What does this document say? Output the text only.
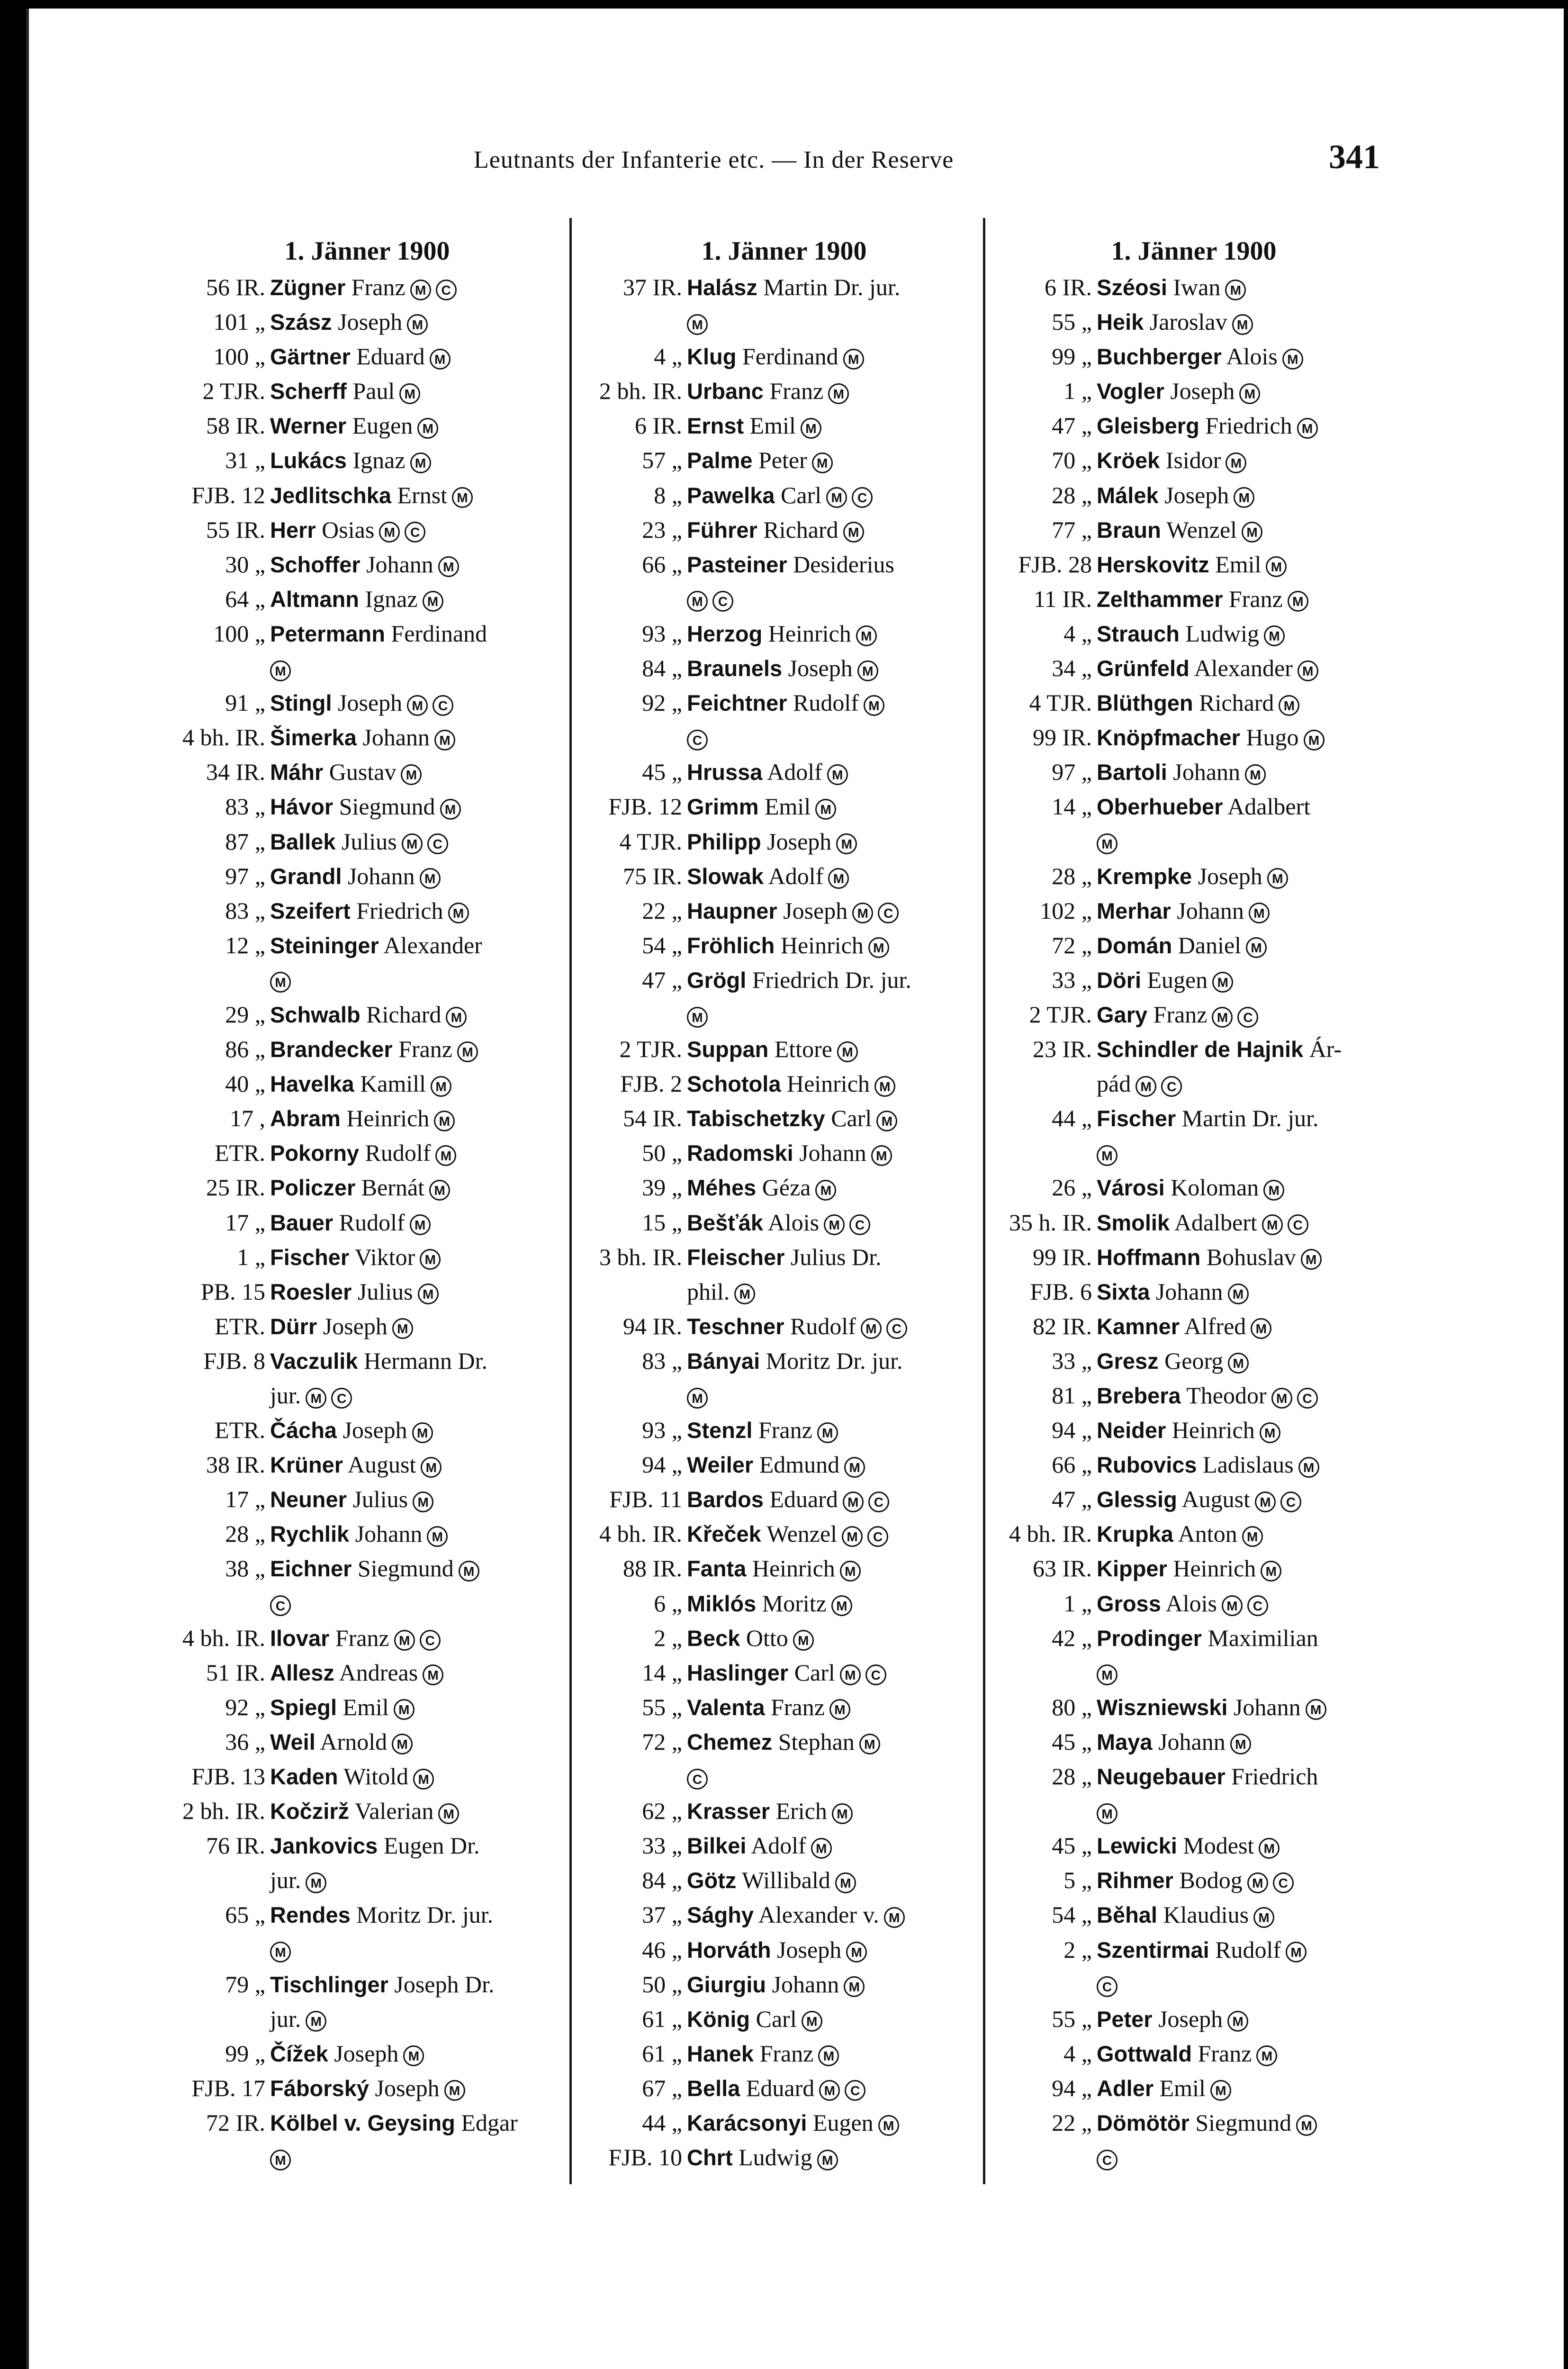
Leutnants der Infanterie etc. — In der Reserve	341
1. Jänner 1900
56 IR. Zügner Franz M C
101 „ Szász Joseph M
100 „ Gärtner Eduard M
2 TJR. Scherff Paul M
58 IR. Werner Eugen M
31 „ Lukács Ignaz M
FJB. 12 Jedlitschka Ernst M
55 IR. Herr Osias M C
30 „ Schoffer Johann M
64 „ Altmann Ignaz M
100 „ Petermann Ferdinand
M
91 „ Stingl Joseph M C
4 bh. IR. Šimerka Johann M
34 IR. Máhr Gustav M
83 „ Hávor Siegmund M
87 „ Ballek Julius M C
97 „ Grandl Johann M
83 „ Szeifert Friedrich M
12 „ Steininger Alexander
M
29 „ Schwalb Richard M
86 „ Brandecker Franz M
40 „ Havelka Kamill M
17 , Abram Heinrich M
ETR. Pokorny Rudolf M
25 IR. Policzer Bernát M
17 „ Bauer Rudolf M
1 „ Fischer Viktor M
PB. 15 Roesler Julius M
ETR. Dürr Joseph M
FJB. 8 Vaczulik Hermann Dr.
jur. M C
ETR. Čácha Joseph M
38 IR. Krüner August M
17 „ Neuner Julius M
28 „ Rychlik Johann M
38 „ Eichner Siegmund M
C
4 bh. IR. Ilovar Franz M C
51 IR. Allesz Andreas M
92 „ Spiegl Emil M
36 „ Weil Arnold M
FJB. 13 Kaden Witold M
2 bh. IR. Kočzirž Valerian M
76 IR. Jankovics Eugen Dr.
jur. M
65 „ Rendes Moritz Dr. jur.
M
79 „ Tischlinger Joseph Dr.
jur. M
99 „ Čížek Joseph M
FJB. 17 Fáborský Joseph M
72 IR. Kölbel v. Geysing Edgar
M
1. Jänner 1900
37 IR. Halász Martin Dr. jur.
M
4 „ Klug Ferdinand M
2 bh. IR. Urbanc Franz M
6 IR. Ernst Emil M
57 „ Palme Peter M
8 „ Pawelka Carl M C
23 „ Führer Richard M
66 „ Pasteiner Desiderius
M C
93 „ Herzog Heinrich M
84 „ Braunels Joseph M
92 „ Feichtner Rudolf M
C
45 „ Hrussa Adolf M
FJB. 12 Grimm Emil M
4 TJR. Philipp Joseph M
75 IR. Slowak Adolf M
22 „ Haupner Joseph M C
54 „ Fröhlich Heinrich M
47 „ Grögl Friedrich Dr. jur.
M
2 TJR. Suppan Ettore M
FJB. 2 Schotola Heinrich M
54 IR. Tabischetzky Carl M
50 „ Radomski Johann M
39 „ Méhes Géza M
15 „ Bešťák Alois M C
3 bh. IR. Fleischer Julius Dr.
phil. M
94 IR. Teschner Rudolf M C
83 „ Bányai Moritz Dr. jur.
M
93 „ Stenzl Franz M
94 „ Weiler Edmund M
FJB. 11 Bardos Eduard M C
4 bh. IR. Křeček Wenzel M C
88 IR. Fanta Heinrich M
6 „ Miklós Moritz M
2 „ Beck Otto M
14 „ Haslinger Carl M C
55 „ Valenta Franz M
72 „ Chemez Stephan M
C
62 „ Krasser Erich M
33 „ Bilkei Adolf M
84 „ Götz Willibald M
37 „ Sághy Alexander v. M
46 „ Horváth Joseph M
50 „ Giurgiu Johann M
61 „ König Carl M
61 „ Hanek Franz M
67 „ Bella Eduard M C
44 „ Karácsonyi Eugen M
FJB. 10 Chrt Ludwig M
1. Jänner 1900
6 IR. Széosi Iwan M
55 „ Heik Jaroslav M
99 „ Buchberger Alois M
1 „ Vogler Joseph M
47 „ Gleisberg Friedrich M
70 „ Kröek Isidor M
28 „ Málek Joseph M
77 „ Braun Wenzel M
FJB. 28 Herskovitz Emil M
11 IR. Zelthammer Franz M
4 „ Strauch Ludwig M
34 „ Grünfeld Alexander M
4 TJR. Blüthgen Richard M
99 IR. Knöpfmacher Hugo M
97 „ Bartoli Johann M
14 „ Oberhueber Adalbert
M
28 „ Krempke Joseph M
102 „ Merhar Johann M
72 „ Domán Daniel M
33 „ Döri Eugen M
2 TJR. Gary Franz M C
23 IR. Schindler de Hajnik Ár-
pád M C
44 „ Fischer Martin Dr. jur.
M
26 „ Városi Koloman M
35 h. IR. Smolik Adalbert M C
99 IR. Hoffmann Bohuslav M
FJB. 6 Sixta Johann M
82 IR. Kamner Alfred M
33 „ Gresz Georg M
81 „ Brebera Theodor M C
94 „ Neider Heinrich M
66 „ Rubovics Ladislaus M
47 „ Glessig August M C
4 bh. IR. Krupka Anton M
63 IR. Kipper Heinrich M
1 „ Gross Alois M C
42 „ Prodinger Maximilian
M
80 „ Wiszniewski Johann M
45 „ Maya Johann M
28 „ Neugebauer Friedrich
M
45 „ Lewicki Modest M
5 „ Rihmer Bodog M C
54 „ Běhal Klaudius M
2 „ Szentirmai Rudolf M
C
55 „ Peter Joseph M
4 „ Gottwald Franz M
94 „ Adler Emil M
22 „ Dömötör Siegmund M
C
